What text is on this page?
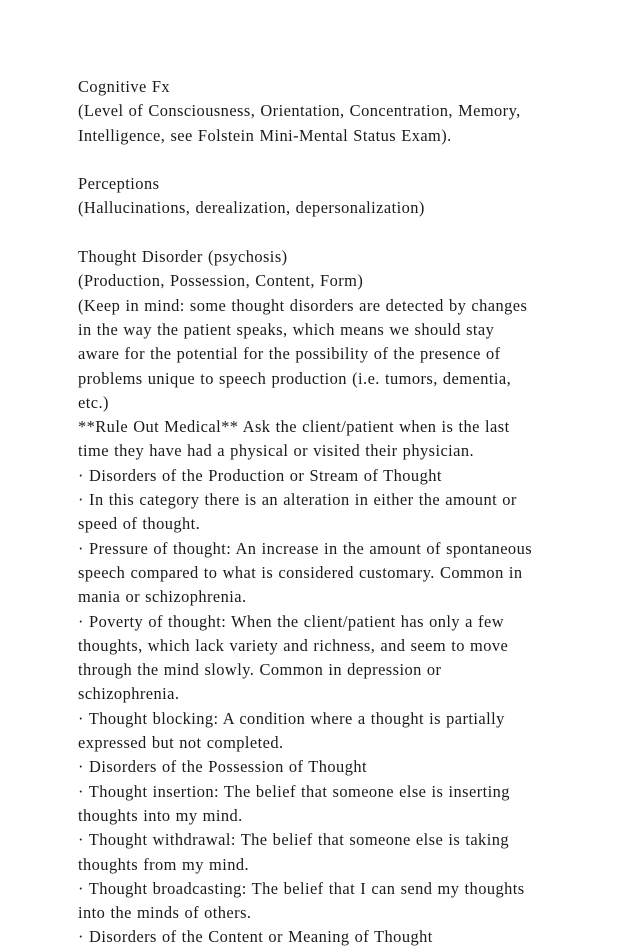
Cognitive Fx
(Level of Consciousness, Orientation, Concentration, Memory,
Intelligence, see Folstein Mini-Mental Status Exam).
Perceptions
(Hallucinations, derealization, depersonalization)
Thought Disorder (psychosis)
(Production, Possession, Content, Form)
(Keep in mind: some thought disorders are detected by changes
in the way the patient speaks, which means we should stay
aware for the potential for the possibility of the presence of
problems unique to speech production (i.e. tumors, dementia,
etc.)
**Rule Out Medical** Ask the client/patient when is the last
time they have had a physical or visited their physician.
· Disorders of the Production or Stream of Thought
· In this category there is an alteration in either the amount or
speed of thought.
· Pressure of thought: An increase in the amount of spontaneous
speech compared to what is considered customary. Common in
mania or schizophrenia.
· Poverty of thought: When the client/patient has only a few
thoughts, which lack variety and richness, and seem to move
through the mind slowly. Common in depression or
schizophrenia.
· Thought blocking: A condition where a thought is partially
expressed but not completed.
· Disorders of the Possession of Thought
· Thought insertion: The belief that someone else is inserting
thoughts into my mind.
· Thought withdrawal: The belief that someone else is taking
thoughts from my mind.
· Thought broadcasting: The belief that I can send my thoughts
into the minds of others.
· Disorders of the Content or Meaning of Thought
